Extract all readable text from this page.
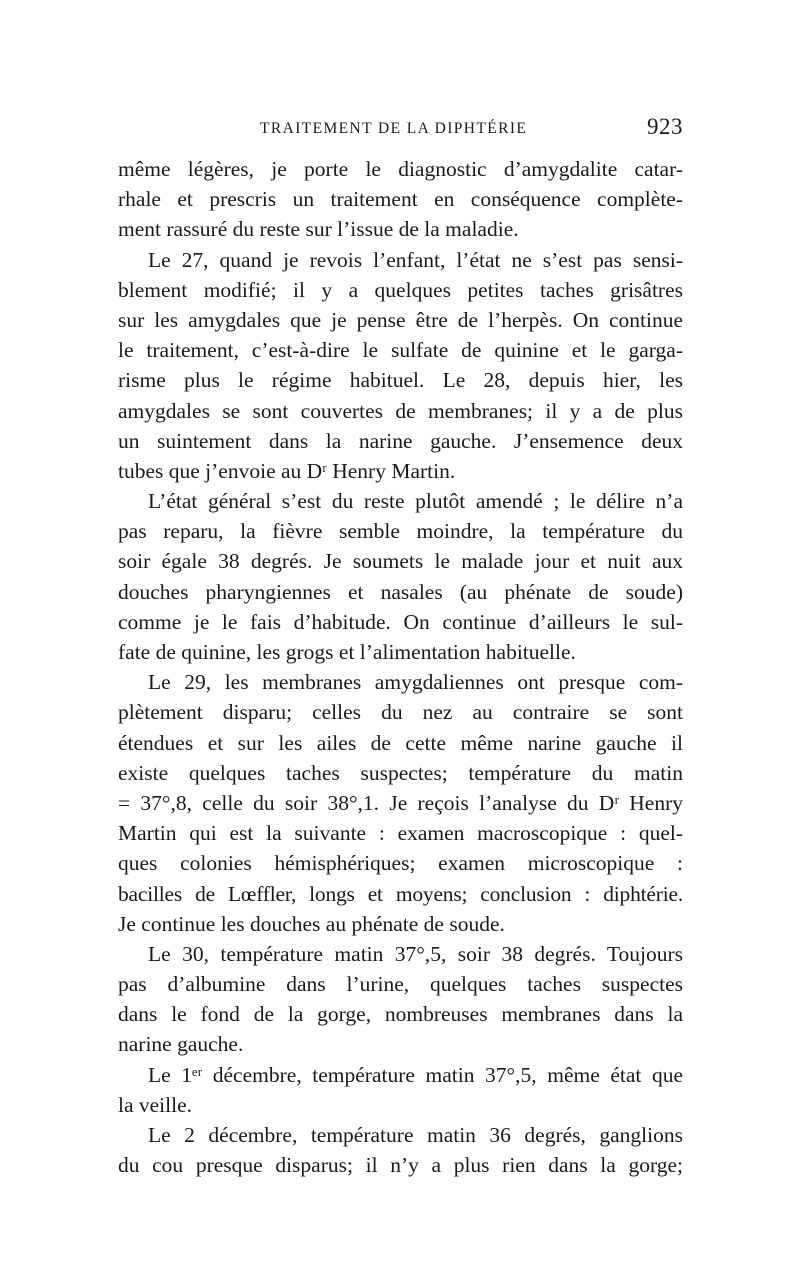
TRAITEMENT DE LA DIPHTÉRIE	923
même légères, je porte le diagnostic d’amygdalite catar-
rhale et prescris un traitement en conséquence complète-
ment rassuré du reste sur l’issue de la maladie.
Le 27, quand je revois l’enfant, l’état ne s’est pas sensi-
blement modifié; il y a quelques petites taches grisâtres
sur les amygdales que je pense être de l’herpès. On continue
le traitement, c’est-à-dire le sulfate de quinine et le garga-
risme plus le régime habituel. Le 28, depuis hier, les
amygdales se sont couvertes de membranes; il y a de plus
un suintement dans la narine gauche. J’ensemence deux
tubes que j’envoie au Dʳ Henry Martin.
L’état général s’est du reste plutôt amendé ; le délire n’a
pas reparu, la fièvre semble moindre, la température du
soir égale 38 degrés. Je soumets le malade jour et nuit aux
douches pharyngiennes et nasales (au phénate de soude)
comme je le fais d’habitude. On continue d’ailleurs le sul-
fate de quinine, les grogs et l’alimentation habituelle.
Le 29, les membranes amygdaliennes ont presque com-
plètement disparu; celles du nez au contraire se sont
étendues et sur les ailes de cette même narine gauche il
existe quelques taches suspectes; température du matin
= 37°,8, celle du soir 38°,1. Je reçois l’analyse du Dʳ Henry
Martin qui est la suivante : examen macroscopique : quel-
ques colonies hémisphériques; examen microscopique :
bacilles de Lœffler, longs et moyens; conclusion : diphtérie.
Je continue les douches au phénate de soude.
Le 30, température matin 37°,5, soir 38 degrés. Toujours
pas d’albumine dans l’urine, quelques taches suspectes
dans le fond de la gorge, nombreuses membranes dans la
narine gauche.
Le 1ᵉʳ décembre, température matin 37°,5, même état que
la veille.
Le 2 décembre, température matin 36 degrés, ganglions
du cou presque disparus; il n’y a plus rien dans la gorge;
